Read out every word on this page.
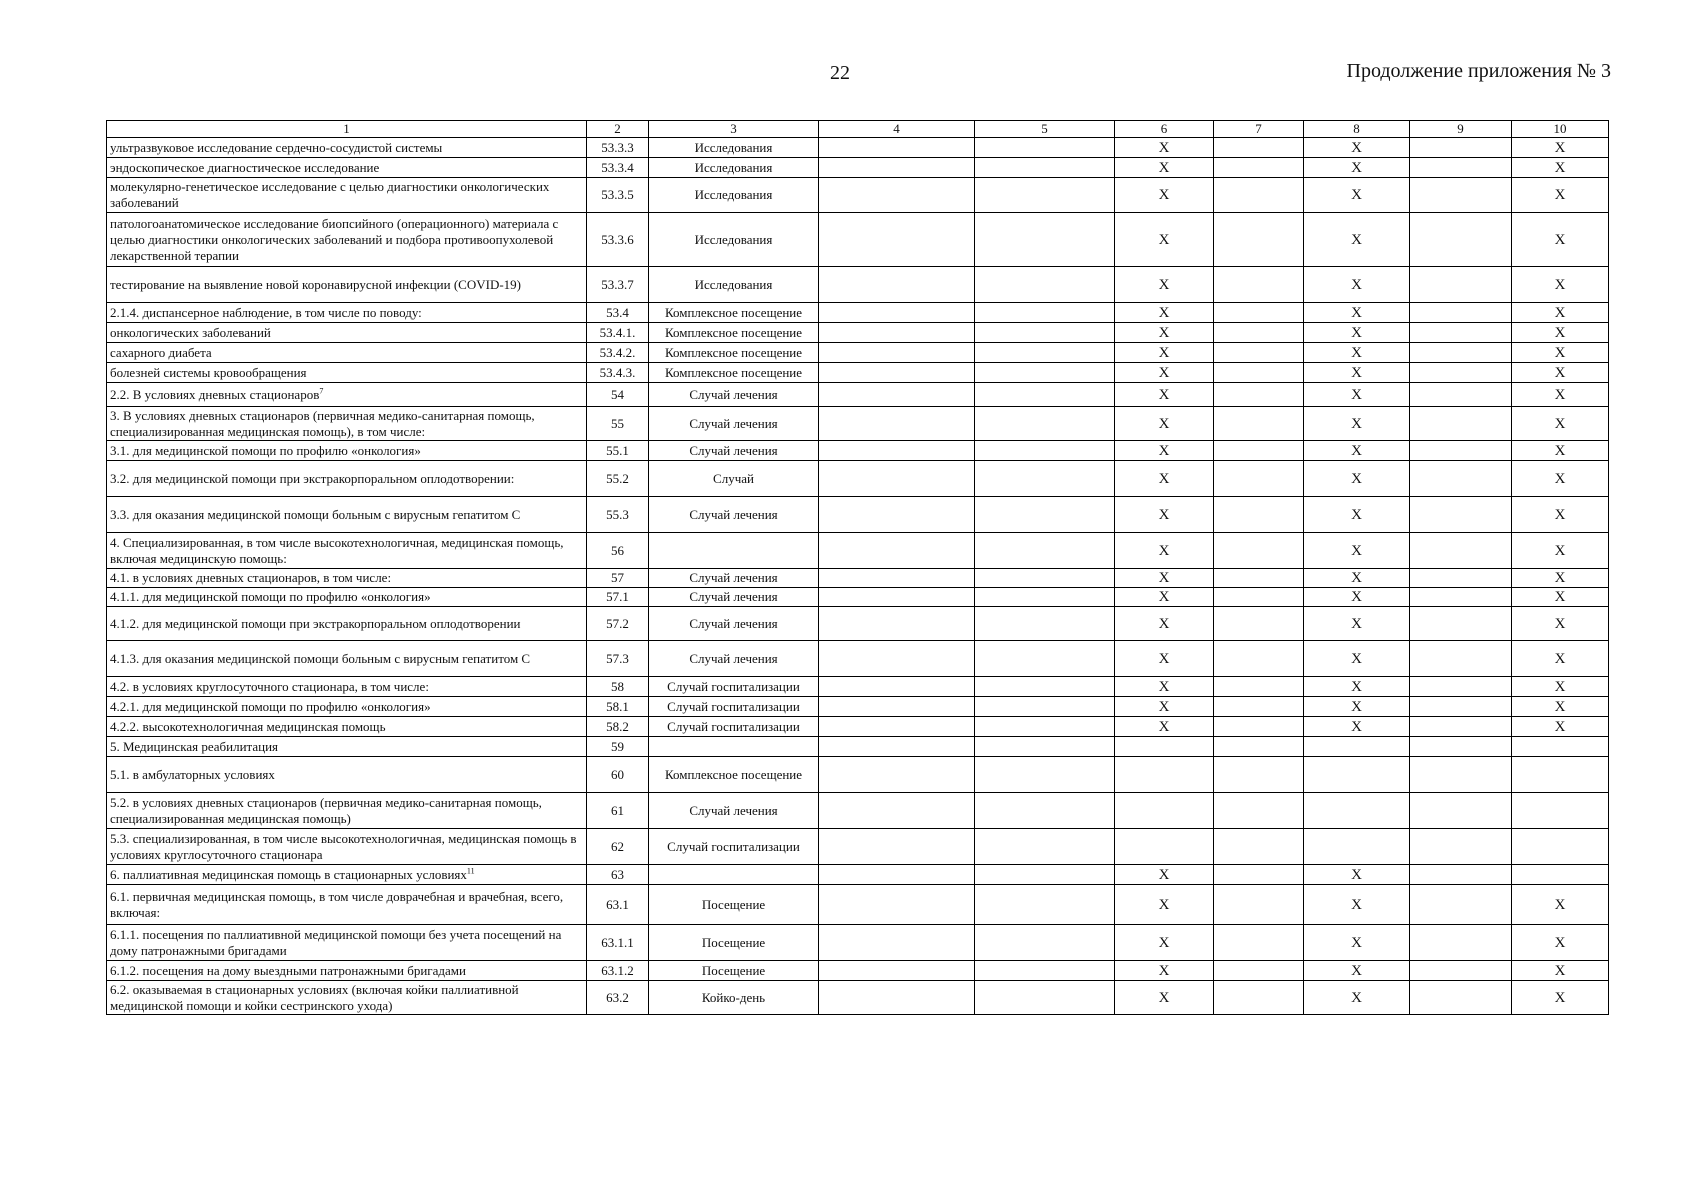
22	Продолжение приложения № 3
1	2	3	4	5	6	7	8	9	10
ультразвуковое исследование сердечно-сосудистой системы	53.3.3	Исследования			X		X		X
эндоскопическое диагностическое исследование	53.3.4	Исследования			X		X		X
молекулярно-генетическое исследование с целью диагностики онкологических заболеваний	53.3.5	Исследования			X		X		X
патологоанатомическое исследование биопсийного (операционного) материала с целью диагностики онкологических заболеваний и подбора противоопухолевой лекарственной терапии	53.3.6	Исследования			X		X		X
тестирование на выявление новой коронавирусной инфекции (COVID-19)	53.3.7	Исследования			X		X		X
2.1.4. диспансерное наблюдение, в том числе по поводу:	53.4	Комплексное посещение			X		X		X
онкологических заболеваний	53.4.1.	Комплексное посещение			X		X		X
сахарного диабета	53.4.2.	Комплексное посещение			X		X		X
болезней системы кровообращения	53.4.3.	Комплексное посещение			X		X		X
2.2. В условиях дневных стационаров$^7$	54	Случай лечения			X		X		X
3. В условиях дневных стационаров (первичная медико-санитарная помощь, специализированная медицинская помощь), в том числе:	55	Случай лечения			X		X		X
3.1. для медицинской помощи по профилю «онкология»	55.1	Случай лечения			X		X		X
3.2. для медицинской помощи при экстракорпоральном оплодотворении:	55.2	Случай			X		X		X
3.3. для оказания медицинской помощи больным с вирусным гепатитом С	55.3	Случай лечения			X		X		X
4. Специализированная, в том числе высокотехнологичная, медицинская помощь, включая медицинскую помощь:	56				X		X		X
4.1. в условиях дневных стационаров, в том числе:	57	Случай лечения			X		X		X
4.1.1. для медицинской помощи по профилю «онкология»	57.1	Случай лечения			X		X		X
4.1.2. для медицинской помощи при экстракорпоральном оплодотворении	57.2	Случай лечения			X		X		X
4.1.3. для оказания медицинской помощи больным с вирусным гепатитом С	57.3	Случай лечения			X		X		X
4.2. в условиях круглосуточного стационара, в том числе:	58	Случай госпитализации			X		X		X
4.2.1. для медицинской помощи по профилю «онкология»	58.1	Случай госпитализации			X		X		X
4.2.2. высокотехнологичная медицинская помощь	58.2	Случай госпитализации			X		X		X
5. Медицинская реабилитация	59								
5.1. в амбулаторных условиях	60	Комплексное посещение							
5.2. в условиях дневных стационаров (первичная медико-санитарная помощь, специализированная медицинская помощь)	61	Случай лечения							
5.3. специализированная, в том числе высокотехнологичная, медицинская помощь в условиях круглосуточного стационара	62	Случай госпитализации							
6. паллиативная медицинская помощь в стационарных условиях$^{11}$	63				X		X		
6.1. первичная медицинская помощь, в том числе доврачебная и врачебная, всего, включая:	63.1	Посещение			X		X		X
6.1.1. посещения по паллиативной медицинской помощи без учета посещений на дому патронажными бригадами	63.1.1	Посещение			X		X		X
6.1.2. посещения на дому выездными патронажными бригадами	63.1.2	Посещение			X		X		X
6.2. оказываемая в стационарных условиях (включая койки паллиативной медицинской помощи и койки сестринского ухода)	63.2	Койко-день			X		X		X
